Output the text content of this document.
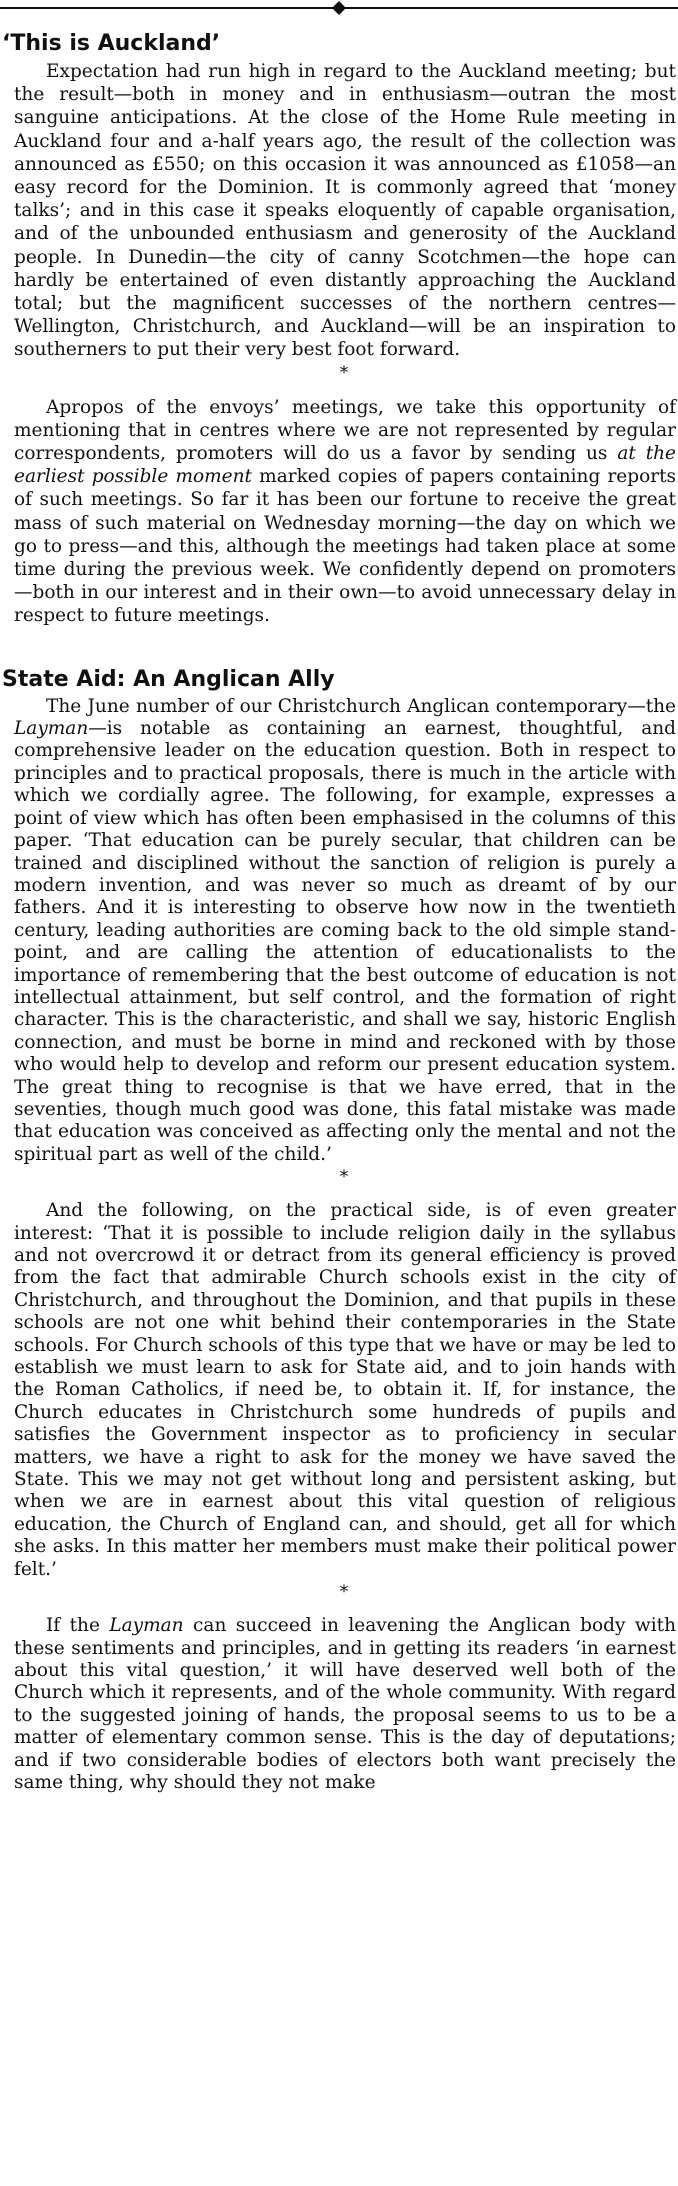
‘This is Auckland’

Expectation had run high in regard to the Auckland meeting; but the result—both in money and in enthusiasm—outran the most sanguine anticipations. At the close of the Home Rule meeting in Auckland four and a-half years ago, the result of the collection was announced as £550; on this occasion it was announced as £1058—an easy record for the Dominion. It is commonly agreed that ‘money talks’; and in this case it speaks eloquently of capable organisation, and of the unbounded enthusiasm and generosity of the Auckland people. In Dunedin—the city of canny Scotchmen—the hope can hardly be entertained of even distantly approaching the Auckland total; but the magnificent successes of the northern centres—Wellington, Christchurch, and Auckland—will be an inspiration to southerners to put their very best foot forward.

*

Apropos of the envoys’ meetings, we take this opportunity of mentioning that in centres where we are not represented by regular correspondents, promoters will do us a favor by sending us at the earliest possible moment marked copies of papers containing reports of such meetings. So far it has been our fortune to receive the great mass of such material on Wednesday morning—the day on which we go to press—and this, although the meetings had taken place at some time during the previous week. We confidently depend on promoters—both in our interest and in their own—to avoid unnecessary delay in respect to future meetings.

State Aid: An Anglican Ally

The June number of our Christchurch Anglican contemporary—the Layman—is notable as containing an earnest, thoughtful, and comprehensive leader on the education question. Both in respect to principles and to practical proposals, there is much in the article with which we cordially agree. The following, for example, expresses a point of view which has often been emphasised in the columns of this paper. ‘That education can be purely secular, that children can be trained and disciplined without the sanction of religion is purely a modern invention, and was never so much as dreamt of by our fathers. And it is interesting to observe how now in the twentieth century, leading authorities are coming back to the old simple stand-point, and are calling the attention of educationalists to the importance of remembering that the best outcome of education is not intellectual attainment, but self control, and the formation of right character. This is the characteristic, and shall we say, historic English connection, and must be borne in mind and reckoned with by those who would help to develop and reform our present education system. The great thing to recognise is that we have erred, that in the seventies, though much good was done, this fatal mistake was made that education was conceived as affecting only the mental and not the spiritual part as well of the child.’

*

And the following, on the practical side, is of even greater interest: ‘That it is possible to include religion daily in the syllabus and not overcrowd it or detract from its general efficiency is proved from the fact that admirable Church schools exist in the city of Christchurch, and throughout the Dominion, and that pupils in these schools are not one whit behind their contemporaries in the State schools. For Church schools of this type that we have or may be led to establish we must learn to ask for State aid, and to join hands with the Roman Catholics, if need be, to obtain it. If, for instance, the Church educates in Christchurch some hundreds of pupils and satisfies the Government inspector as to proficiency in secular matters, we have a right to ask for the money we have saved the State. This we may not get without long and persistent asking, but when we are in earnest about this vital question of religious education, the Church of England can, and should, get all for which she asks. In this matter her members must make their political power felt.’

*

If the Layman can succeed in leavening the Anglican body with these sentiments and principles, and in getting its readers ‘in earnest about this vital question,’ it will have deserved well both of the Church which it represents, and of the whole community. With regard to the suggested joining of hands, the proposal seems to us to be a matter of elementary common sense. This is the day of deputations; and if two considerable bodies of electors both want precisely the same thing, why should they not make
